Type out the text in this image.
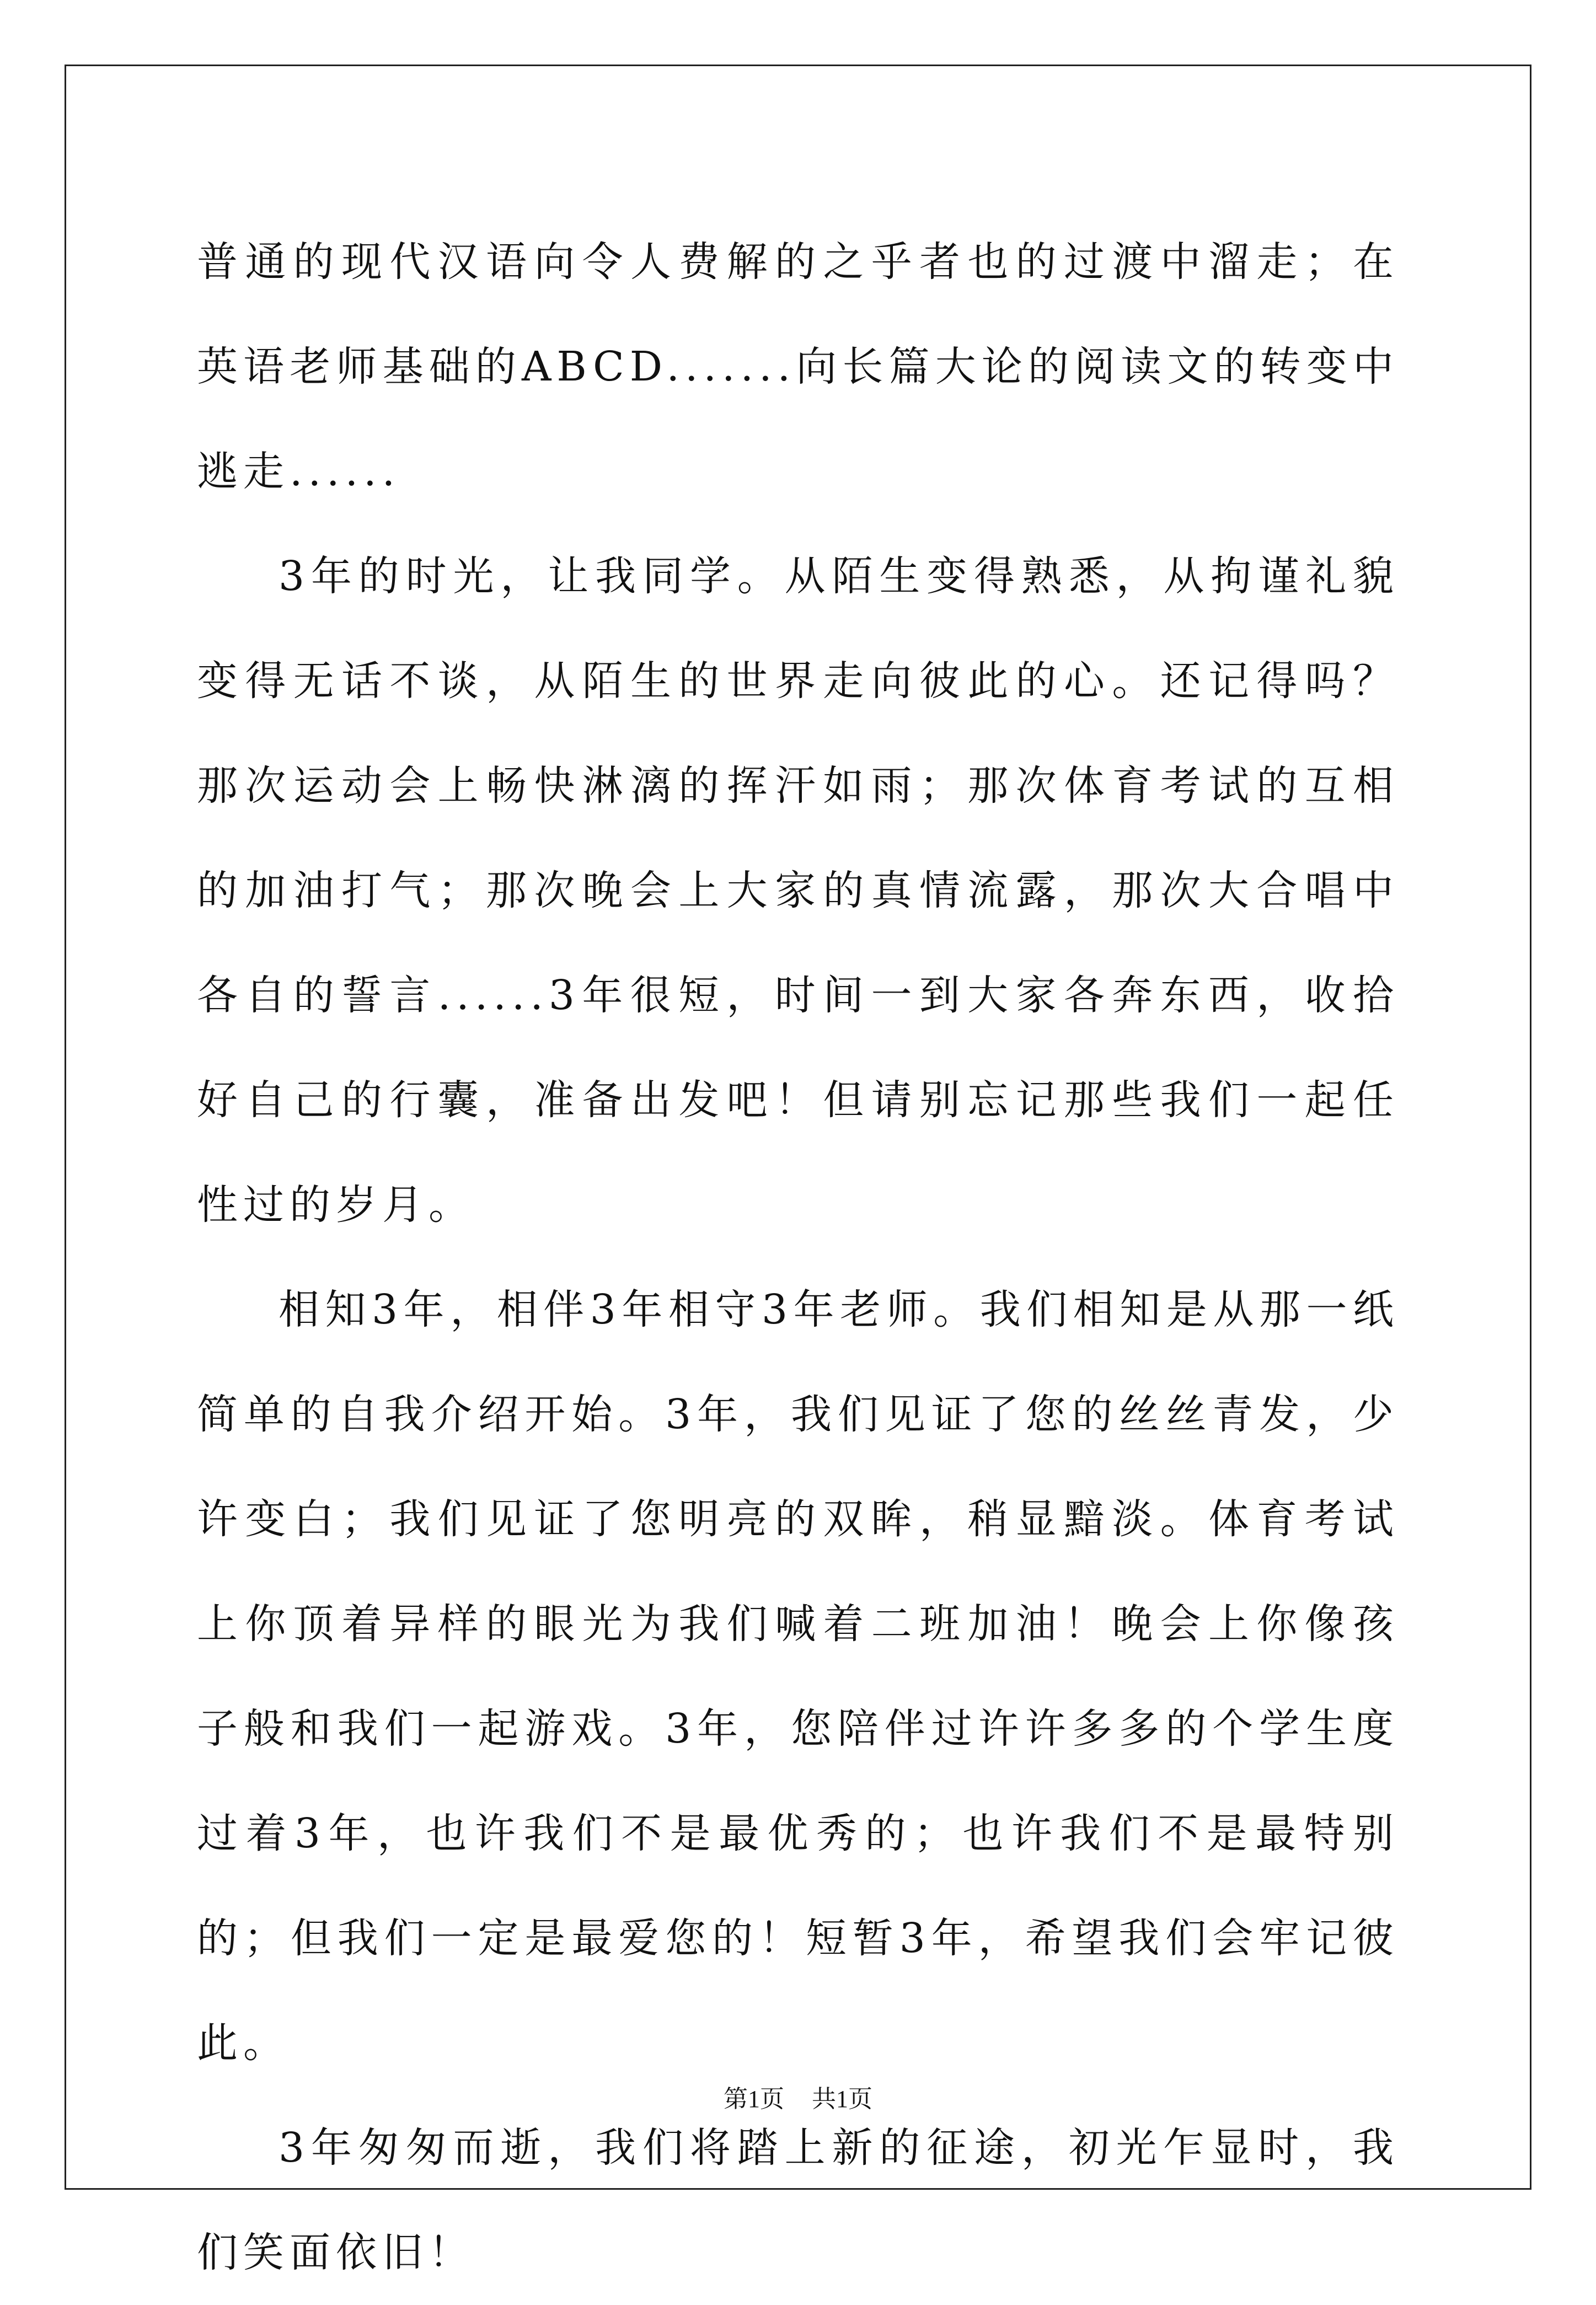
普通的现代汉语向令人费解的之乎者也的过渡中溜走；在英语老师基础的ABCD.......向长篇大论的阅读文的转变中逃走......

3年的时光，让我同学。从陌生变得熟悉，从拘谨礼貌变得无话不谈，从陌生的世界走向彼此的心。还记得吗？那次运动会上畅快淋漓的挥汗如雨；那次体育考试的互相的加油打气；那次晚会上大家的真情流露，那次大合唱中各自的誓言......3年很短，时间一到大家各奔东西，收拾好自己的行囊，准备出发吧！但请别忘记那些我们一起任性过的岁月。

相知3年，相伴3年相守3年老师。我们相知是从那一纸简单的自我介绍开始。3年，我们见证了您的丝丝青发，少许变白；我们见证了您明亮的双眸，稍显黯淡。体育考试上你顶着异样的眼光为我们喊着二班加油！晚会上你像孩子般和我们一起游戏。3年，您陪伴过许许多多的个学生度过着3年，也许我们不是最优秀的；也许我们不是最特别的；但我们一定是最爱您的！短暂3年，希望我们会牢记彼此。

3年匆匆而逝，我们将踏上新的征途，初光乍显时，我们笑面依旧！

第1页 共1页
